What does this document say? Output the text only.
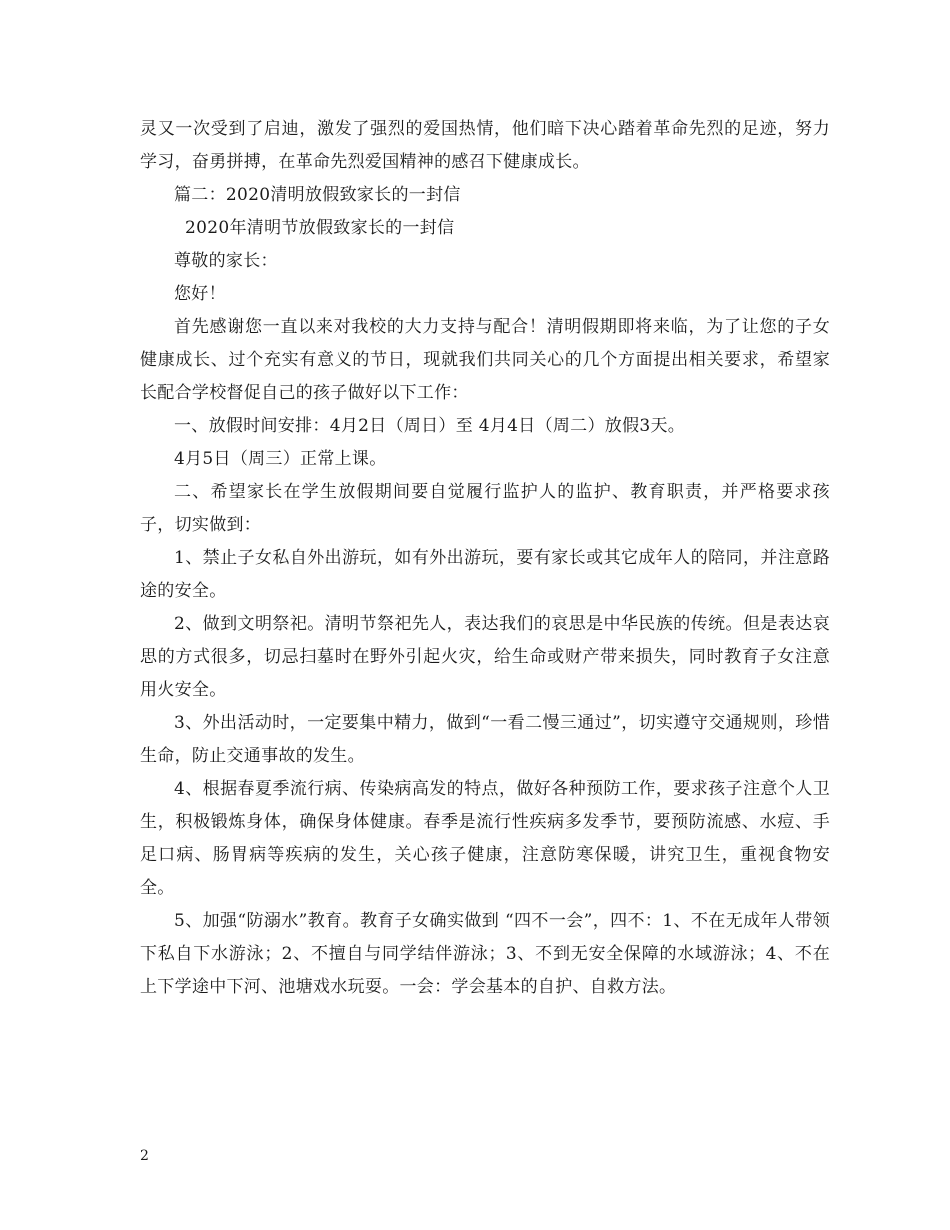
灵又一次受到了启迪，激发了强烈的爱国热情，他们暗下决心踏着革命先烈的足迹，努力学习，奋勇拼搏，在革命先烈爱国精神的感召下健康成长。

篇二：2020清明放假致家长的一封信

2020年清明节放假致家长的一封信

尊敬的家长：

您好！

首先感谢您一直以来对我校的大力支持与配合！清明假期即将来临，为了让您的子女健康成长、过个充实有意义的节日，现就我们共同关心的几个方面提出相关要求，希望家长配合学校督促自己的孩子做好以下工作：

一、放假时间安排：4月2日（周日）至 4月4日（周二）放假3天。

4月5日（周三）正常上课。

二、希望家长在学生放假期间要自觉履行监护人的监护、教育职责，并严格要求孩子，切实做到：

1、禁止子女私自外出游玩，如有外出游玩，要有家长或其它成年人的陪同，并注意路途的安全。

2、做到文明祭祀。清明节祭祀先人，表达我们的哀思是中华民族的传统。但是表达哀思的方式很多，切忌扫墓时在野外引起火灾，给生命或财产带来损失，同时教育子女注意用火安全。

3、外出活动时，一定要集中精力，做到“一看二慢三通过”，切实遵守交通规则，珍惜生命，防止交通事故的发生。

4、根据春夏季流行病、传染病高发的特点，做好各种预防工作，要求孩子注意个人卫生，积极锻炼身体，确保身体健康。春季是流行性疾病多发季节，要预防流感、水痘、手足口病、肠胃病等疾病的发生，关心孩子健康，注意防寒保暖，讲究卫生，重视食物安全。

5、加强“防溺水”教育。教育子女确实做到 “四不一会”，四不：1、不在无成年人带领下私自下水游泳；2、不擅自与同学结伴游泳；3、不到无安全保障的水域游泳；4、不在上下学途中下河、池塘戏水玩耍。一会：学会基本的自护、自救方法。

2
